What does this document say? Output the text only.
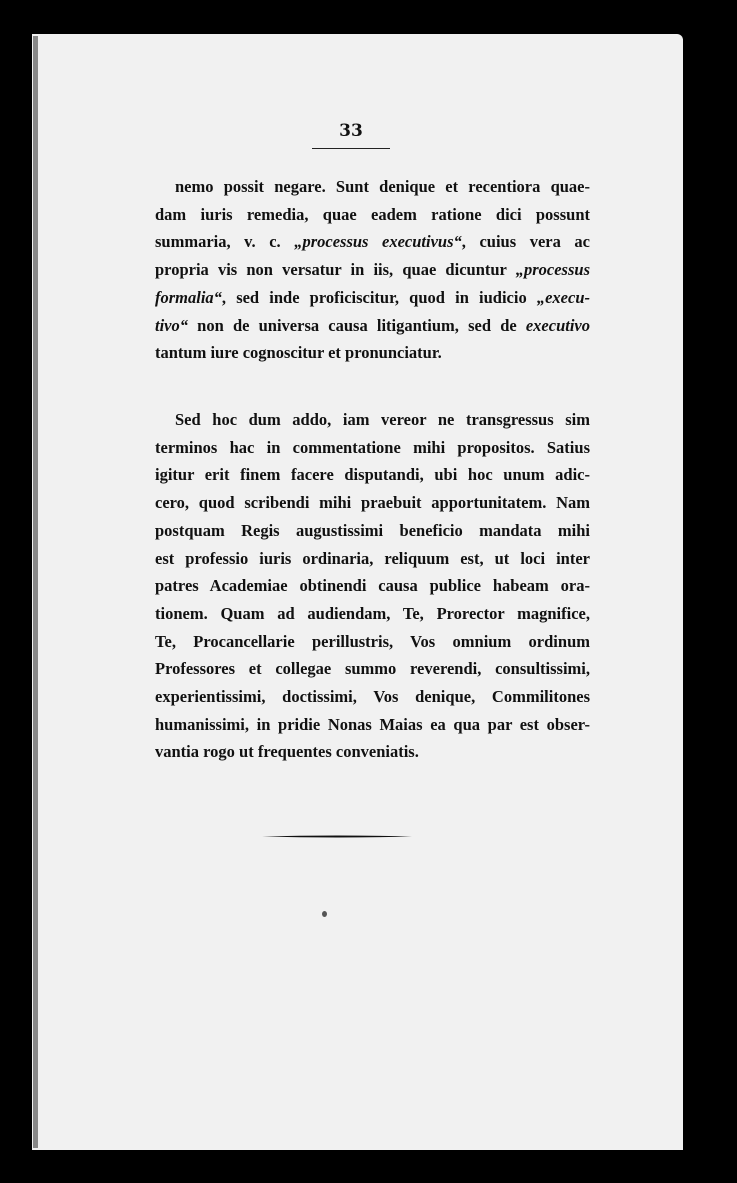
33
nemo possit negare. Sunt denique et recentiora quae-
dam iuris remedia, quae eadem ratione dici possunt
summaria, v. c. „processus executivus“, cuius vera ac
propria vis non versatur in iis, quae dicuntur „processus
formalia“, sed inde proficiscitur, quod in iudicio „execu-
tivo“ non de universa causa litigantium, sed de executivo
tantum iure cognoscitur et pronunciatur.
Sed hoc dum addo, iam vereor ne transgressus sim
terminos hac in commentatione mihi propositos. Satius
igitur erit finem facere disputandi, ubi hoc unum adic-
cero, quod scribendi mihi praebuit apportunitatem. Nam
postquam Regis augustissimi beneficio mandata mihi
est professio iuris ordinaria, reliquum est, ut loci inter
patres Academiae obtinendi causa publice habeam ora-
tionem. Quam ad audiendam, Te, Prorector magnifice,
Te, Procancellarie perillustris, Vos omnium ordinum
Professores et collegae summo reverendi, consultissimi,
experientissimi, doctissimi, Vos denique, Commilitones
humanissimi, in pridie Nonas Maias ea qua par est obser-
vantia rogo ut frequentes conveniatis.
